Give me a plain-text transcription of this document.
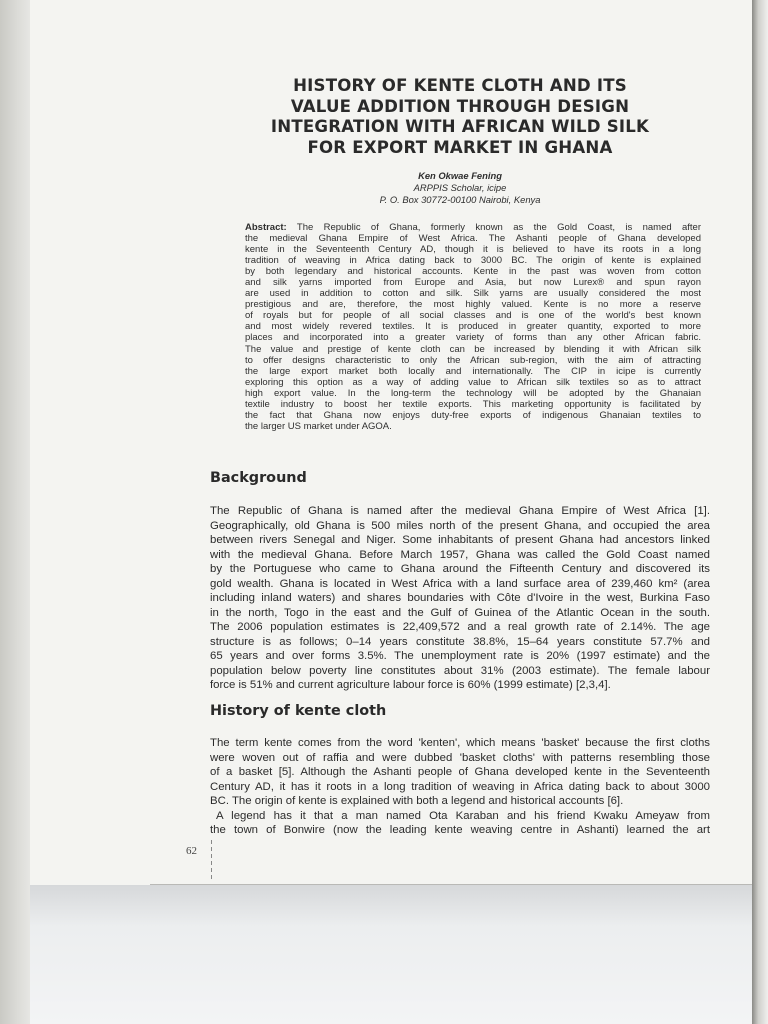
HISTORY OF KENTE CLOTH AND ITS
VALUE ADDITION THROUGH DESIGN
INTEGRATION WITH AFRICAN WILD SILK
FOR EXPORT MARKET IN GHANA
Ken Okwae Fening
ARPPIS Scholar, icipe
P. O. Box 30772-00100 Nairobi, Kenya
Abstract: The Republic of Ghana, formerly known as the Gold Coast, is named after
the medieval Ghana Empire of West Africa. The Ashanti people of Ghana developed
kente in the Seventeenth Century AD, though it is believed to have its roots in a long
tradition of weaving in Africa dating back to 3000 BC. The origin of kente is explained
by both legendary and historical accounts. Kente in the past was woven from cotton
and silk yarns imported from Europe and Asia, but now Lurex® and spun rayon
are used in addition to cotton and silk. Silk yarns are usually considered the most
prestigious and are, therefore, the most highly valued. Kente is no more a reserve
of royals but for people of all social classes and is one of the world's best known
and most widely revered textiles. It is produced in greater quantity, exported to more
places and incorporated into a greater variety of forms than any other African fabric.
The value and prestige of kente cloth can be increased by blending it with African silk
to offer designs characteristic to only the African sub-region, with the aim of attracting
the large export market both locally and internationally. The CIP in icipe is currently
exploring this option as a way of adding value to African silk textiles so as to attract
high export value. In the long-term the technology will be adopted by the Ghanaian
textile industry to boost her textile exports. This marketing opportunity is facilitated by
the fact that Ghana now enjoys duty-free exports of indigenous Ghanaian textiles to
the larger US market under AGOA.
Background
The Republic of Ghana is named after the medieval Ghana Empire of West Africa [1].
Geographically, old Ghana is 500 miles north of the present Ghana, and occupied the area
between rivers Senegal and Niger. Some inhabitants of present Ghana had ancestors linked
with the medieval Ghana. Before March 1957, Ghana was called the Gold Coast named
by the Portuguese who came to Ghana around the Fifteenth Century and discovered its
gold wealth. Ghana is located in West Africa with a land surface area of 239,460 km² (area
including inland waters) and shares boundaries with Côte d'Ivoire in the west, Burkina Faso
in the north, Togo in the east and the Gulf of Guinea of the Atlantic Ocean in the south.
The 2006 population estimates is 22,409,572 and a real growth rate of 2.14%. The age
structure is as follows; 0–14 years constitute 38.8%, 15–64 years constitute 57.7% and
65 years and over forms 3.5%. The unemployment rate is 20% (1997 estimate) and the
population below poverty line constitutes about 31% (2003 estimate). The female labour
force is 51% and current agriculture labour force is 60% (1999 estimate) [2,3,4].
History of kente cloth
The term kente comes from the word 'kenten', which means 'basket' because the first cloths
were woven out of raffia and were dubbed 'basket cloths' with patterns resembling those
of a basket [5]. Although the Ashanti people of Ghana developed kente in the Seventeenth
Century AD, it has it roots in a long tradition of weaving in Africa dating back to about 3000
BC. The origin of kente is explained with both a legend and historical accounts [6].
A legend has it that a man named Ota Karaban and his friend Kwaku Ameyaw from
the town of Bonwire (now the leading kente weaving centre in Ashanti) learned the art
62
